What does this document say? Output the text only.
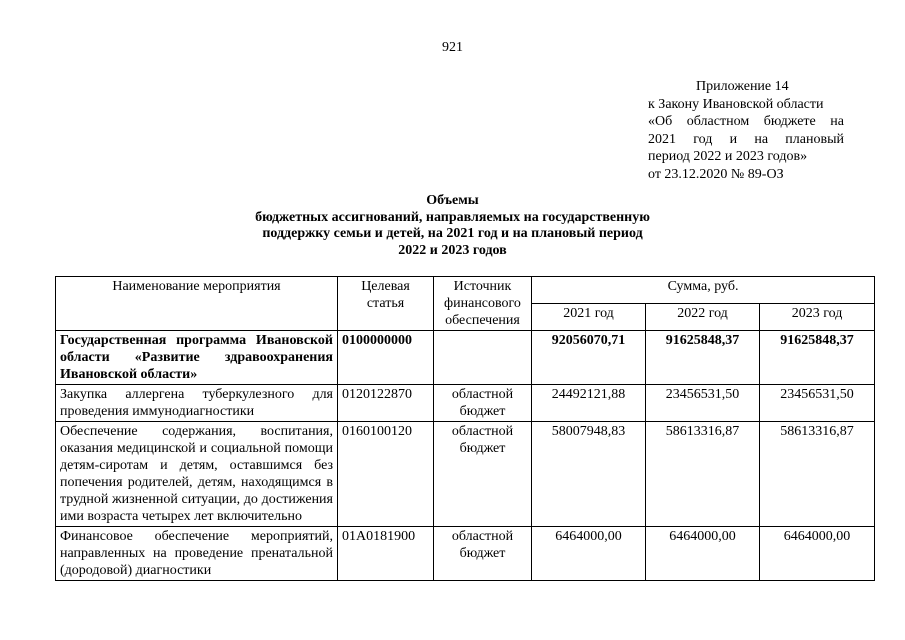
921
Приложение 14
к Закону Ивановской области
«Об областном бюджете на
2021 год и на плановый
период 2022 и 2023 годов»
от 23.12.2020 № 89-ОЗ
Объемы
бюджетных ассигнований, направляемых на государственную
поддержку семьи и детей, на 2021 год и на плановый период
2022 и 2023 годов
Наименование мероприятия	Целевая статья	Источник финансового обеспечения	Сумма, руб.		
			2021 год	2022 год	2023 год
Государственная программа Ивановской области «Развитие здравоохранения Ивановской области»	0100000000		92056070,71	91625848,37	91625848,37
Закупка аллергена туберкулезного для проведения иммунодиагностики	0120122870	областной бюджет	24492121,88	23456531,50	23456531,50
Обеспечение содержания, воспитания, оказания медицинской и социальной помощи детям-сиротам и детям, оставшимся без попечения родителей, детям, находящимся в трудной жизненной ситуации, до достижения ими возраста четырех лет включительно	0160100120	областной бюджет	58007948,83	58613316,87	58613316,87
Финансовое обеспечение мероприятий, направленных на проведение пренатальной (дородовой) диагностики	01А0181900	областной бюджет	6464000,00	6464000,00	6464000,00
